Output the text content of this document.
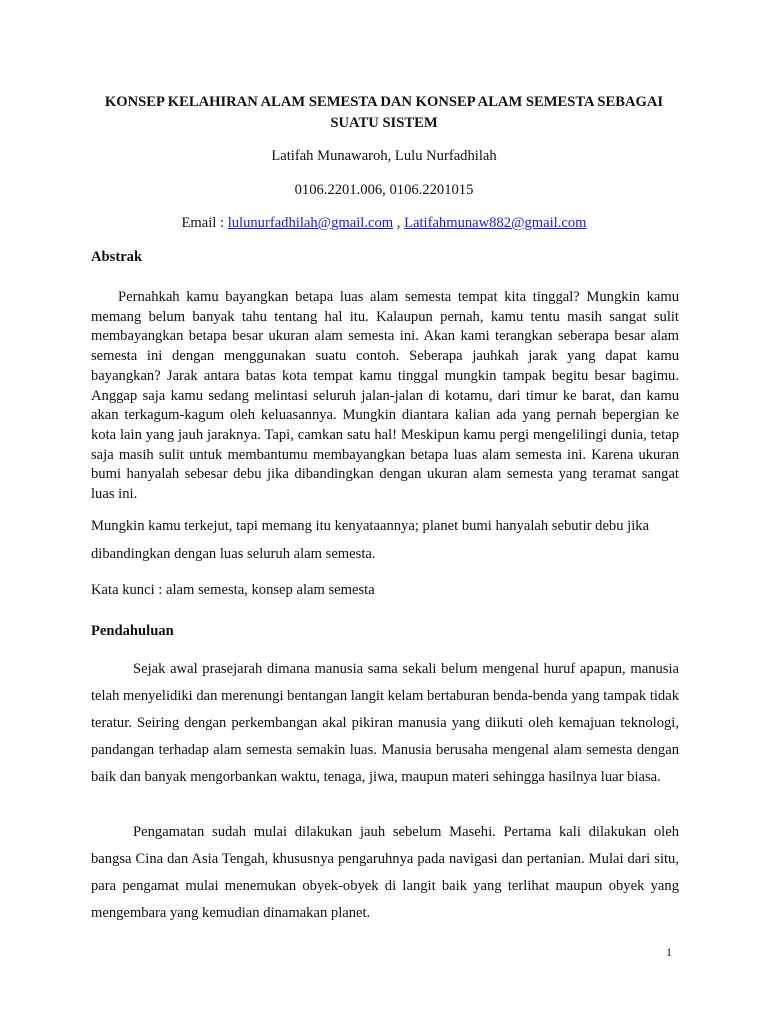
KONSEP KELAHIRAN ALAM SEMESTA DAN KONSEP ALAM SEMESTA SEBAGAI SUATU SISTEM
Latifah Munawaroh, Lulu Nurfadhilah
0106.2201.006, 0106.2201015
Email : lulunurfadhilah@gmail.com , Latifahmunaw882@gmail.com
Abstrak
Pernahkah kamu bayangkan betapa luas alam semesta tempat kita tinggal? Mungkin kamu memang belum banyak tahu tentang hal itu. Kalaupun pernah, kamu tentu masih sangat sulit membayangkan betapa besar ukuran alam semesta ini. Akan kami terangkan seberapa besar alam semesta ini dengan menggunakan suatu contoh. Seberapa jauhkah jarak yang dapat kamu bayangkan? Jarak antara batas kota tempat kamu tinggal mungkin tampak begitu besar bagimu. Anggap saja kamu sedang melintasi seluruh jalan-jalan di kotamu, dari timur ke barat, dan kamu akan terkagum-kagum oleh keluasannya. Mungkin diantara kalian ada yang pernah bepergian ke kota lain yang jauh jaraknya. Tapi, camkan satu hal! Meskipun kamu pergi mengelilingi dunia, tetap saja masih sulit untuk membantumu membayangkan betapa luas alam semesta ini. Karena ukuran bumi hanyalah sebesar debu jika dibandingkan dengan ukuran alam semesta yang teramat sangat luas ini.
Mungkin kamu terkejut, tapi memang itu kenyataannya; planet bumi hanyalah sebutir debu jika dibandingkan dengan luas seluruh alam semesta.
Kata kunci : alam semesta, konsep alam semesta
Pendahuluan
Sejak awal prasejarah dimana manusia sama sekali belum mengenal huruf apapun, manusia telah menyelidiki dan merenungi bentangan langit kelam bertaburan benda-benda yang tampak tidak teratur. Seiring dengan perkembangan akal pikiran manusia yang diikuti oleh kemajuan teknologi, pandangan terhadap alam semesta semakin luas. Manusia berusaha mengenal alam semesta dengan baik dan banyak mengorbankan waktu, tenaga, jiwa, maupun materi sehingga hasilnya luar biasa.
Pengamatan sudah mulai dilakukan jauh sebelum Masehi. Pertama kali dilakukan oleh bangsa Cina dan Asia Tengah, khususnya pengaruhnya pada navigasi dan pertanian. Mulai dari situ, para pengamat mulai menemukan obyek-obyek di langit baik yang terlihat maupun obyek yang mengembara yang kemudian dinamakan planet.
1
